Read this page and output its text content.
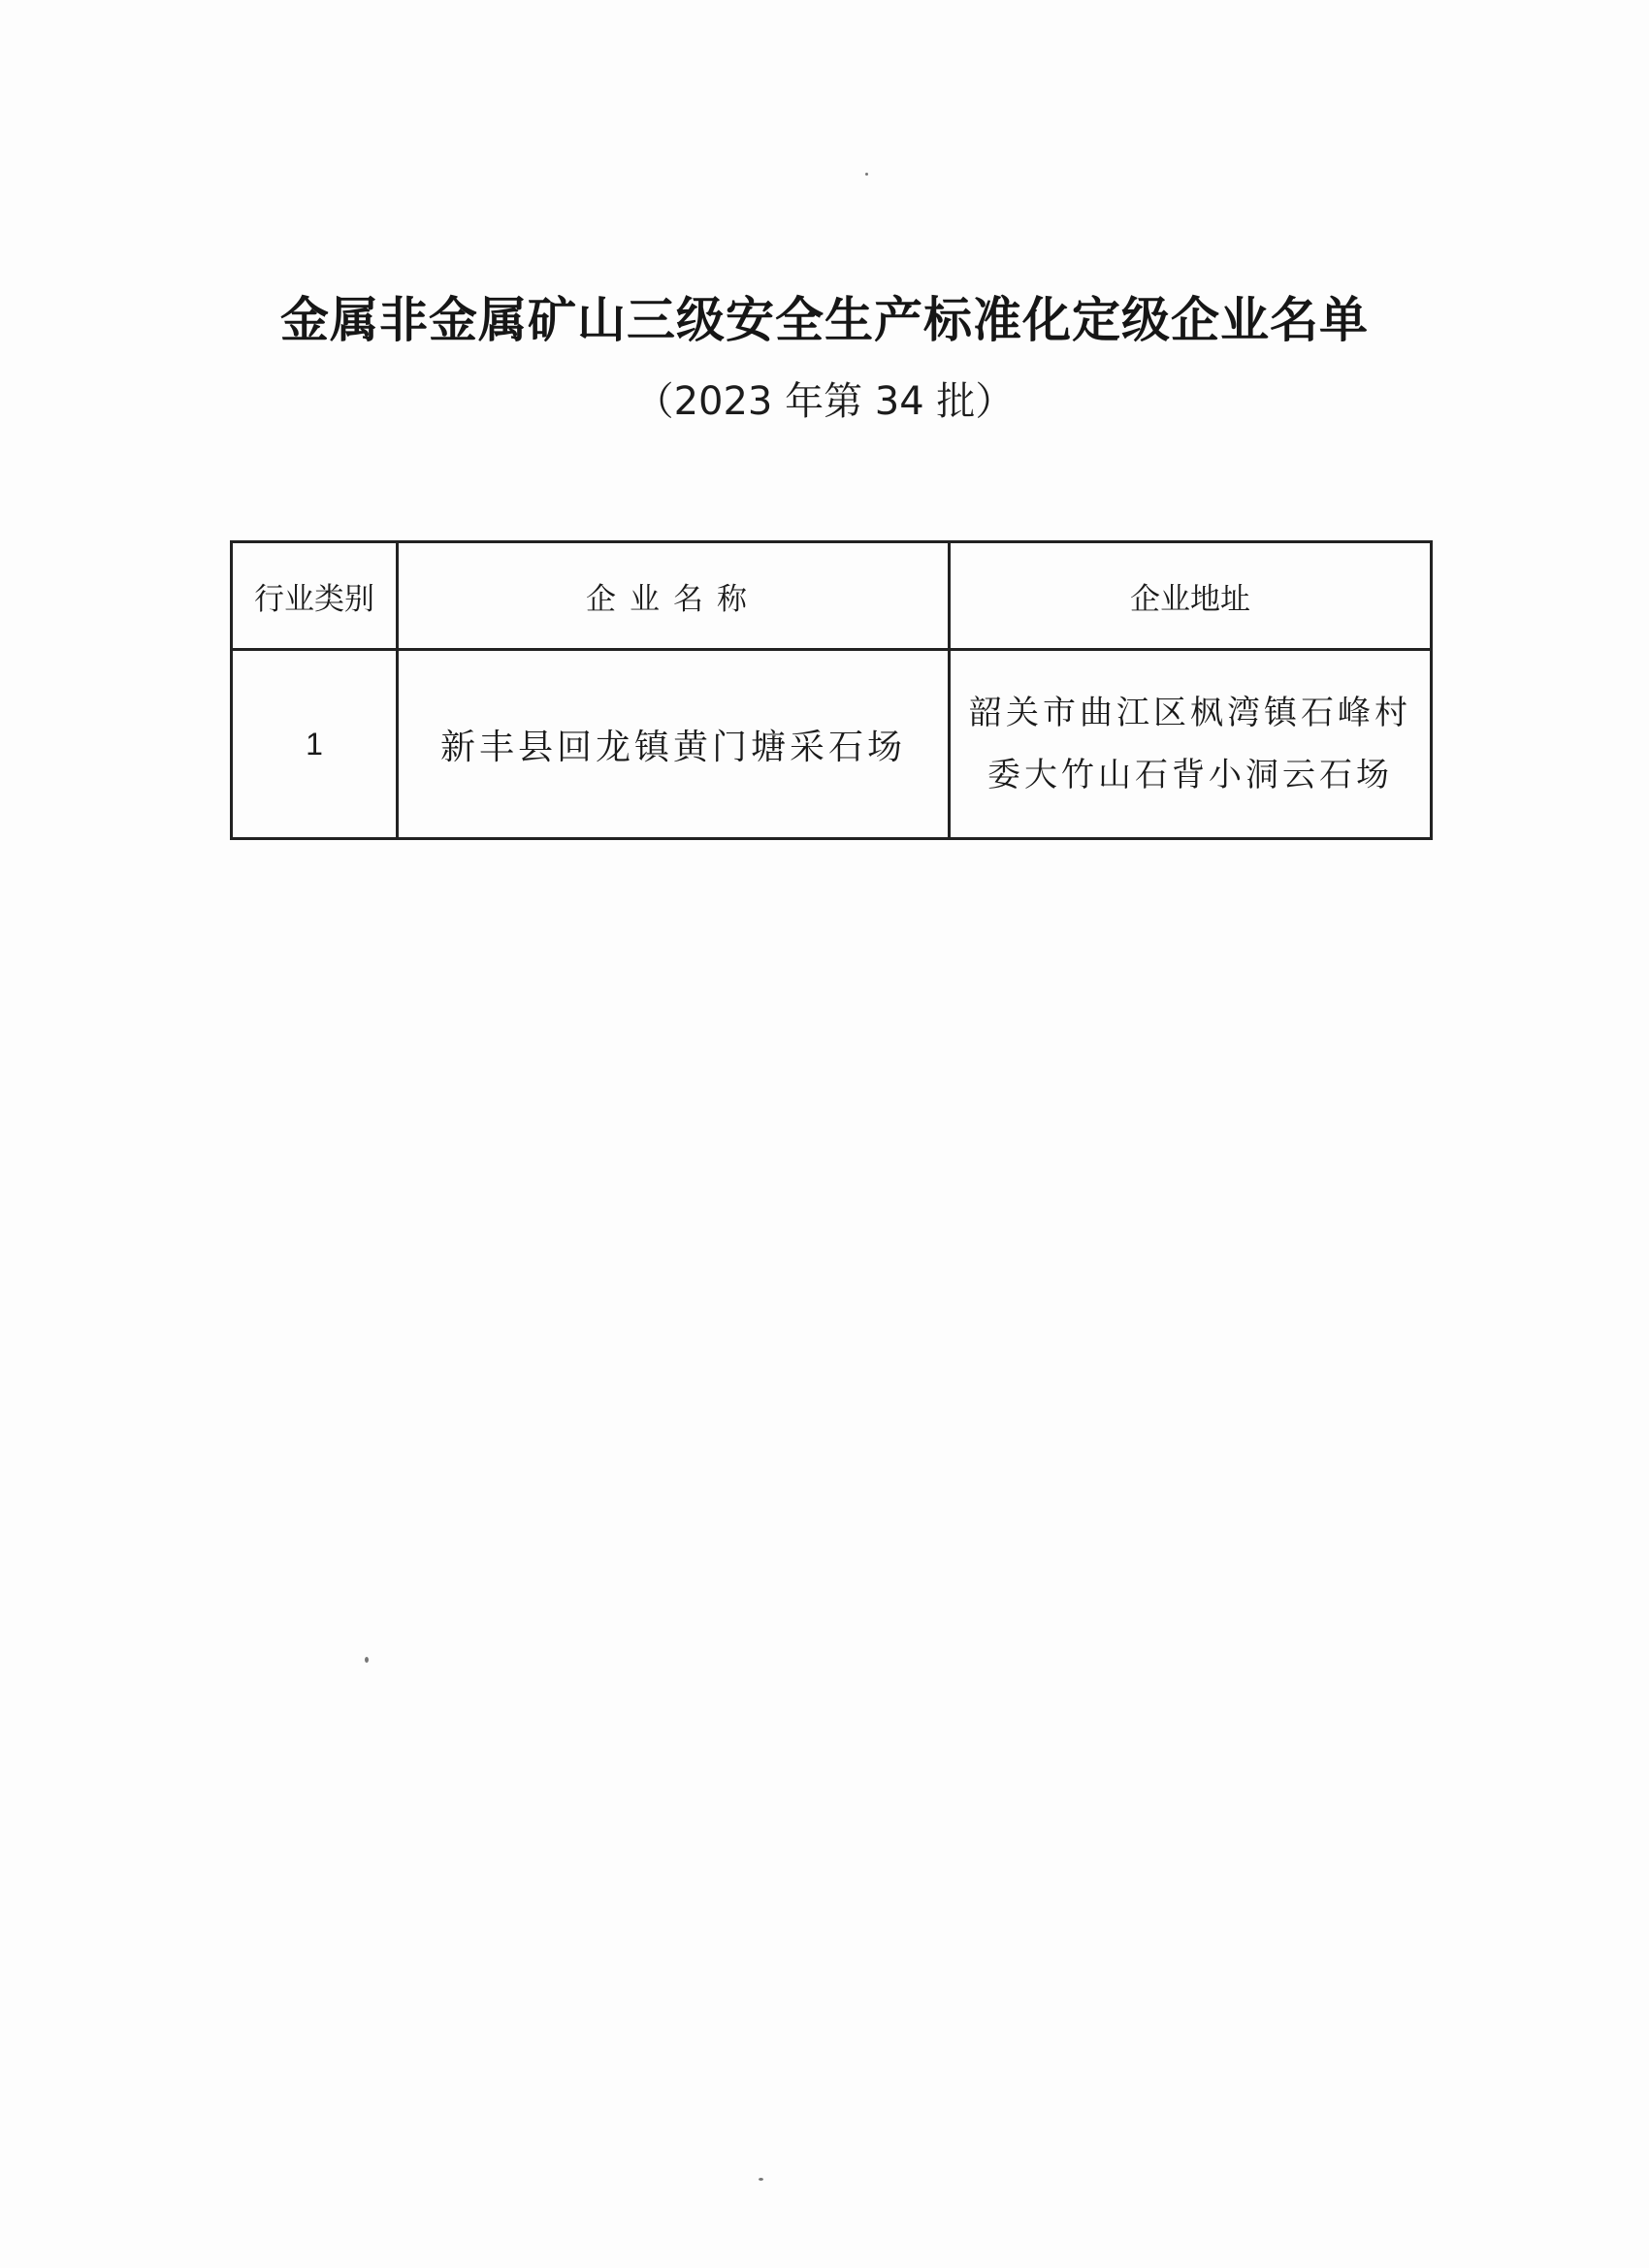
金属非金属矿山三级安全生产标准化定级企业名单
（2023 年第 34 批）
行业类别	企业名称	企业地址
1	新丰县回龙镇黄门塘采石场	韶关市曲江区枫湾镇石峰村
委大竹山石背小洞云石场
